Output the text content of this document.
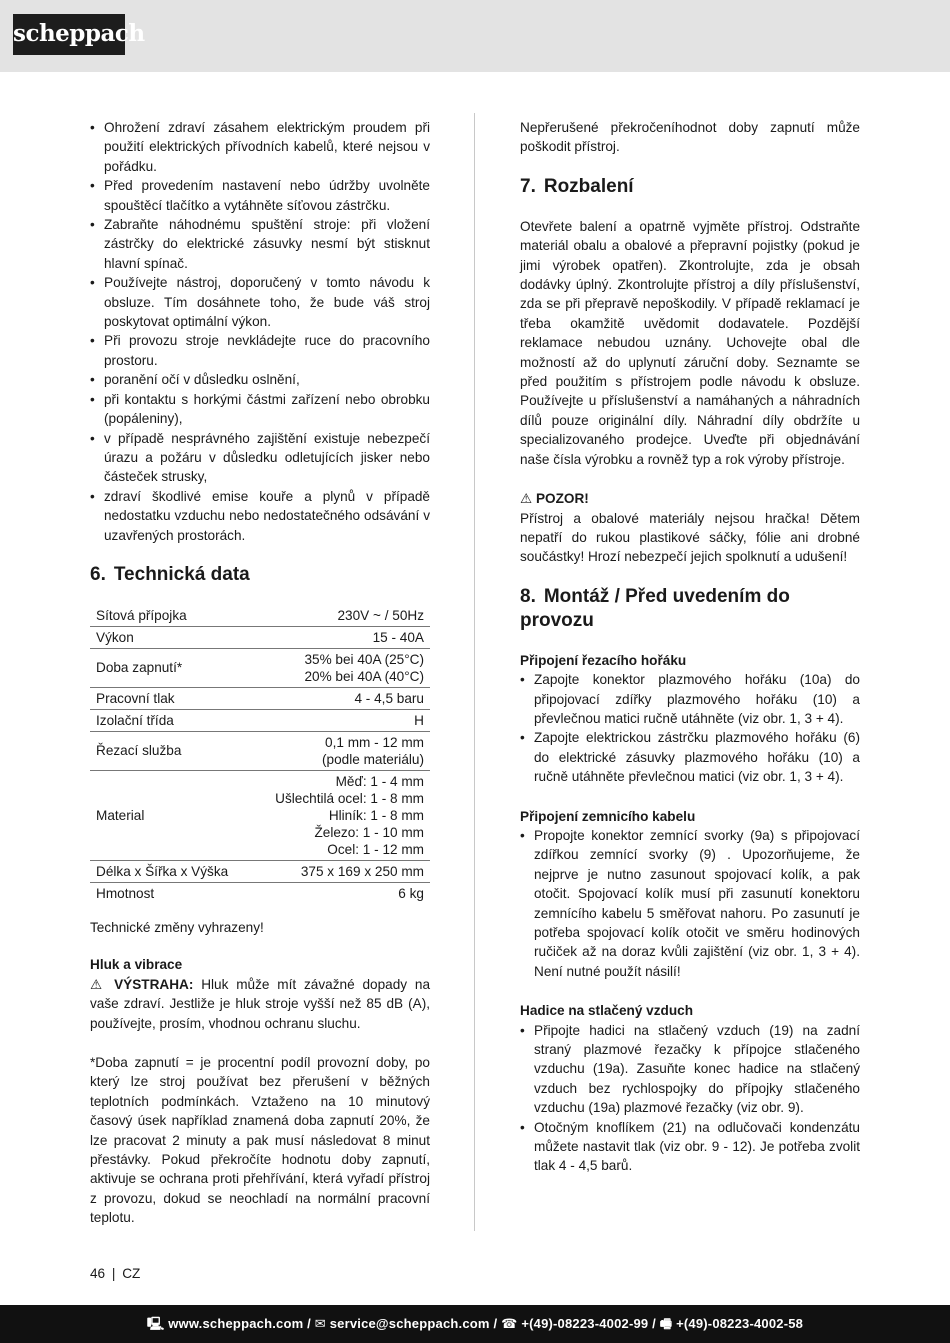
scheppach
• Ohrožení zdraví zásahem elektrickým proudem při použití elektrických přívodních kabelů, které nejsou v pořádku.
• Před provedením nastavení nebo údržby uvolněte spouštěcí tlačítko a vytáhněte síťovou zástrčku.
• Zabraňte náhodnému spuštění stroje: při vložení zástrčky do elektrické zásuvky nesmí být stisknut hlavní spínač.
• Používejte nástroj, doporučený v tomto návodu k obsluze. Tím dosáhnete toho, že bude váš stroj poskytovat optimální výkon.
• Při provozu stroje nevkládejte ruce do pracovního prostoru.
• poranění očí v důsledku oslnění,
• při kontaktu s horkými částmi zařízení nebo obrobku (popáleniny),
• v případě nesprávného zajištění existuje nebezpečí úrazu a požáru v důsledku odletujících jisker nebo částeček strusky,
• zdraví škodlivé emise kouře a plynů v případě nedostatku vzduchu nebo nedostatečného odsávání v uzavřených prostorách.
6. Technická data
Sítová přípojka	230V ~ / 50Hz
Výkon	15 - 40A
Doba zapnutí*	35% bei 40A (25°C)
20% bei 40A (40°C)

Pracovní tlak	4 - 4,5 baru
Izolační třída	H
Řezací služba	0,1 mm - 12 mm
(podle materiálu)

Material	Měď: 1 - 4 mm
Ušlechtilá ocel: 1 - 8 mm
Hliník: 1 - 8 mm
Železo: 1 - 10 mm
Ocel: 1 - 12 mm

Délka x Šířka x Výška	375 x 169 x 250 mm
Hmotnost	6 kg

Technické změny vyhrazeny!

Hluk a vibrace

⚠ VÝSTRAHA: Hluk může mít závažné dopady na vaše zdraví. Jestliže je hluk stroje vyšší než 85 dB (A), používejte, prosím, vhodnou ochranu sluchu.

*Doba zapnutí = je procentní podíl provozní doby, po který lze stroj používat bez přerušení v běžných teplotních podmínkách. Vztaženo na 10 minutový časový úsek například znamená doba zapnutí 20%, že lze pracovat 2 minuty a pak musí následovat 8 minut přestávky. Pokud překročíte hodnotu doby zapnutí, aktivuje se ochrana proti přehřívání, která vyřadí přístroj z provozu, dokud se neochladí na normální pracovní teplotu.

Nepřerušené překročeníhodnot doby zapnutí může poškodit přístroj.

7. Rozbalení

Otevřete balení a opatrně vyjměte přístroj. Odstraňte materiál obalu a obalové a přepravní pojistky (pokud je jimi výrobek opatřen). Zkontrolujte, zda je obsah dodávky úplný. Zkontrolujte přístroj a díly příslušenství, zda se při přepravě nepoškodily. V případě reklamací je třeba okamžitě uvědomit dodavatele. Pozdější reklamace nebudou uznány. Uchovejte obal dle možností až do uplynutí záruční doby. Seznamte se před použitím s přístrojem podle návodu k obsluze. Používejte u příslušenství a namáhaných a náhradních dílů pouze originální díly. Náhradní díly obdržíte u specializovaného prodejce. Uveďte při objednávání naše čísla výrobku a rovněž typ a rok výroby přístroje.

⚠ POZOR!

Přístroj a obalové materiály nejsou hračka! Dětem nepatří do rukou plastikové sáčky, fólie ani drobné součástky! Hrozí nebezpečí jejich spolknutí a udušení!

8. Montáž / Před uvedením do provozu
Připojení řezacího hořáku
• Zapojte konektor plazmového hořáku (10a) do připojovací zdířky plazmového hořáku (10) a převlečnou matici ručně utáhněte (viz obr. 1, 3 + 4).
• Zapojte elektrickou zástrčku plazmového hořáku (6) do elektrické zásuvky plazmového hořáku (10) a ručně utáhněte převlečnou matici (viz obr. 1, 3 + 4).
Připojení zemnicího kabelu
• Propojte konektor zemnící svorky (9a) s připojovací zdířkou zemnící svorky (9) . Upozorňujeme, že nejprve je nutno zasunout spojovací kolík, a pak otočit. Spojovací kolík musí při zasunutí konektoru zemnícího kabelu 5 směřovat nahoru. Po zasunutí je potřeba spojovací kolík otočit ve směru hodinových ručiček až na doraz kvůli zajištění (viz obr. 1, 3 + 4). Není nutné použít násilí!
Hadice na stlačený vzduch
• Připojte hadici na stlačený vzduch (19) na zadní straný plazmové řezačky k přípojce stlačeného vzduchu (19a). Zasuňte konec hadice na stlačený vzduch bez rychlospojky do přípojky stlačeného vzduchu (19a) plazmové řezačky (viz obr. 9).
• Otočným knoflíkem (21) na odlučovači kondenzátu můžete nastavit tlak (viz obr. 9 - 12). Je potřeba zvolit tlak 4 - 4,5 barů.
46 | CZ
🖳 www.scheppach.com / ✉ service@scheppach.com / ☎ +(49)-08223-4002-99 / 🖷 +(49)-08223-4002-58
